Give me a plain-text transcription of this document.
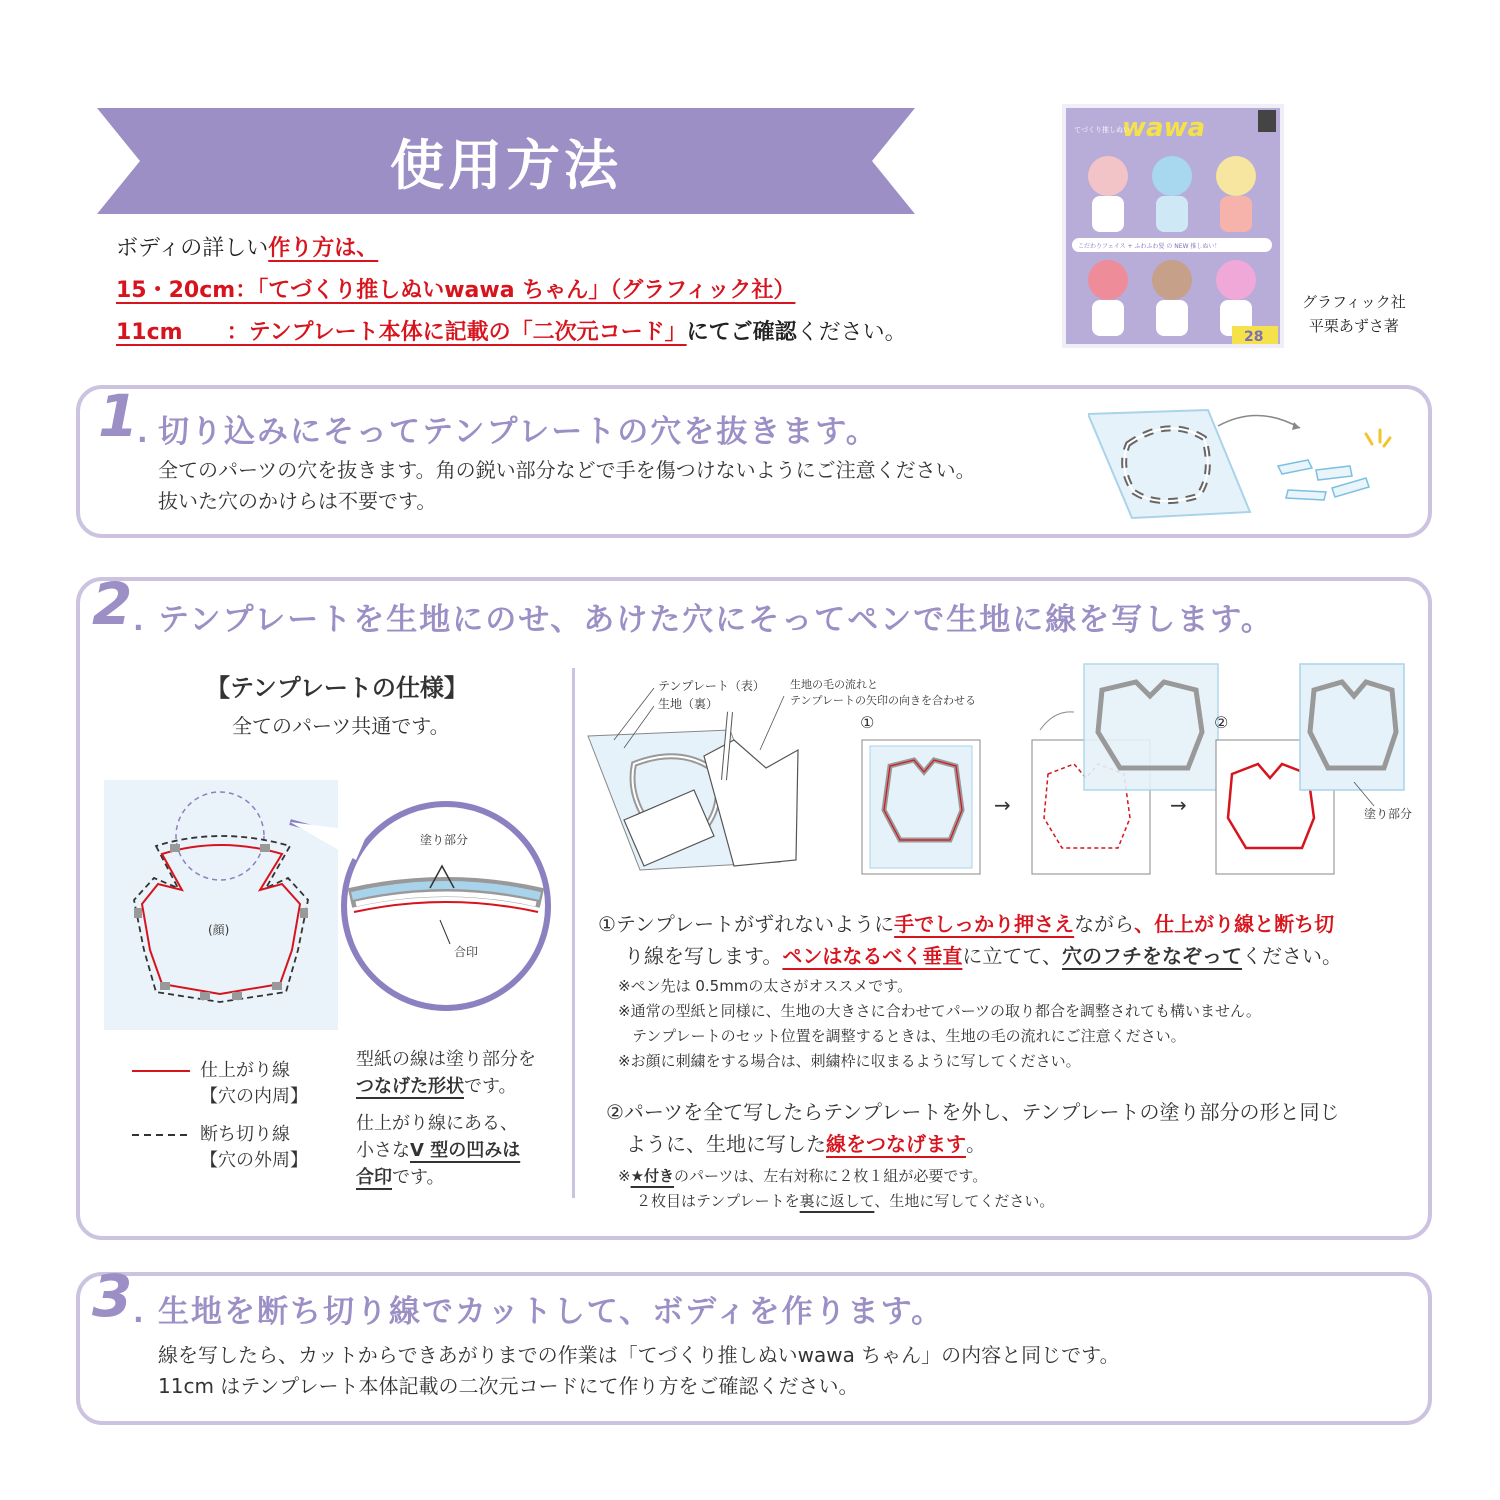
使用方法
ボディの詳しい作り方は、
15・20cm：「てづくり推しぬいwawa ちゃん」（グラフィック社）
11cm　　：テンプレート本体に記載の「二次元コード」にてご確認ください。
wawa
てづくり推しぬい
こだわりフェイス + ふわふわ髪 の NEW 推しぬい！
28
グラフィック社
平栗あずさ著
1
. 切り込みにそってテンプレートの穴を抜きます。
全てのパーツの穴を抜きます。角の鋭い部分などで手を傷つけないようにご注意ください。
抜いた穴のかけらは不要です。
2 . テンプレートを生地にのせ、あけた穴にそってペンで生地に線を写します。
【テンプレートの仕様】
全てのパーツ共通です。
(顔)
塗り部分
合印
仕上がり線
【穴の内周】
断ち切り線
【穴の外周】
型紙の線は塗り部分を
つなげた形状です。
仕上がり線にある、
小さなV 型の凹みは
合印です。
テンプレート（表）
生地（裏）
生地の毛の流れと
テンプレートの矢印の向きを合わせる
①
→	→
②
塗り部分
①テンプレートがずれないように手でしっかり押さえながら、仕上がり線と断ち切
り線を写します。ペンはなるべく垂直に立てて、穴のフチをなぞってください。
※ペン先は 0.5mmの太さがオススメです。
※通常の型紙と同様に、生地の大きさに合わせてパーツの取り都合を調整されても構いません。
テンプレートのセット位置を調整するときは、生地の毛の流れにご注意ください。
※お顔に刺繍をする場合は、刺繍枠に収まるように写してください。
②パーツを全て写したらテンプレートを外し、テンプレートの塗り部分の形と同じ
ように、生地に写した線をつなげます。
※★付きのパーツは、左右対称に２枚１組が必要です。
２枚目はテンプレートを裏に返して、生地に写してください。
3 . 生地を断ち切り線でカットして、ボディを作ります。
線を写したら、カットからできあがりまでの作業は「てづくり推しぬいwawa ちゃん」の内容と同じです。
11cm はテンプレート本体記載の二次元コードにて作り方をご確認ください。
